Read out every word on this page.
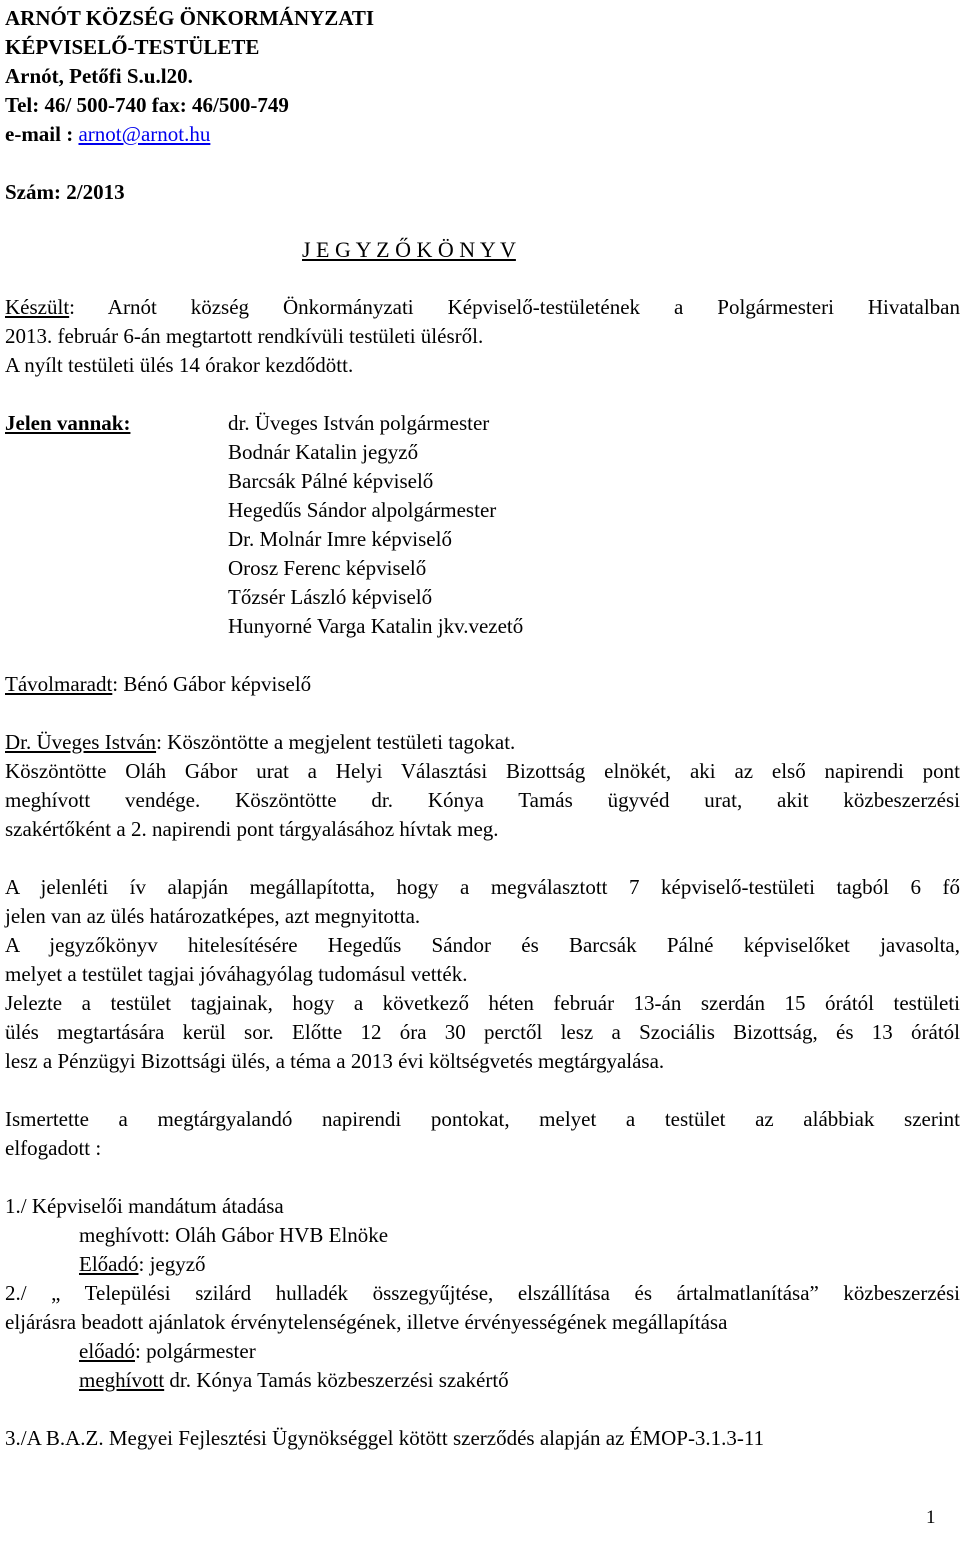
ARNÓT KÖZSÉG ÖNKORMÁNYZATI
KÉPVISELŐ-TESTÜLETE
Arnót, Petőfi S.u.l20.
Tel: 46/ 500-740 fax: 46/500-749
e-mail : arnot@arnot.hu
Szám: 2/2013
J E G Y Z Ő K Ö N Y V
Készült: Arnót község Önkormányzati Képviselő-testületének a Polgármesteri Hivatalban
2013. február 6-án megtartott rendkívüli testületi ülésről.
A nyílt testületi ülés 14 órakor kezdődött.
Jelen vannak:	dr. Üveges István polgármester
Bodnár Katalin jegyző
Barcsák Pálné képviselő
Hegedűs Sándor alpolgármester
Dr. Molnár Imre képviselő
Orosz Ferenc képviselő
Tőzsér László képviselő
Hunyorné Varga Katalin jkv.vezető
Távolmaradt: Bénó Gábor képviselő
Dr. Üveges István: Köszöntötte a megjelent testületi tagokat.
Köszöntötte Oláh Gábor urat a Helyi Választási Bizottság elnökét, aki az első napirendi pont
meghívott vendége. Köszöntötte dr. Kónya Tamás ügyvéd urat, akit közbeszerzési
szakértőként a 2. napirendi pont tárgyalásához hívtak meg.
A jelenléti ív alapján megállapította, hogy a megválasztott 7 képviselő-testületi tagból 6 fő
jelen van az ülés határozatképes, azt megnyitotta.
A jegyzőkönyv hitelesítésére Hegedűs Sándor és Barcsák Pálné képviselőket javasolta,
melyet a testület tagjai jóváhagyólag tudomásul vették.
Jelezte a testület tagjainak, hogy a következő héten február 13-án szerdán 15 órától testületi
ülés megtartására kerül sor. Előtte 12 óra 30 perctől lesz a Szociális Bizottság, és 13 órától
lesz a Pénzügyi Bizottsági ülés, a téma a 2013 évi költségvetés megtárgyalása.
Ismertette a megtárgyalandó napirendi pontokat, melyet a testület az alábbiak szerint
elfogadott :
1./ Képviselői mandátum átadása
meghívott: Oláh Gábor HVB Elnöke
Előadó: jegyző
2./ „ Települési szilárd hulladék összegyűjtése, elszállítása és ártalmatlanítása” közbeszerzési
eljárásra beadott ajánlatok érvénytelenségének, illetve érvényességének megállapítása
előadó: polgármester
meghívott dr. Kónya Tamás közbeszerzési szakértő
3./A B.A.Z. Megyei Fejlesztési Ügynökséggel kötött szerződés alapján az ÉMOP-3.1.3-11
1
